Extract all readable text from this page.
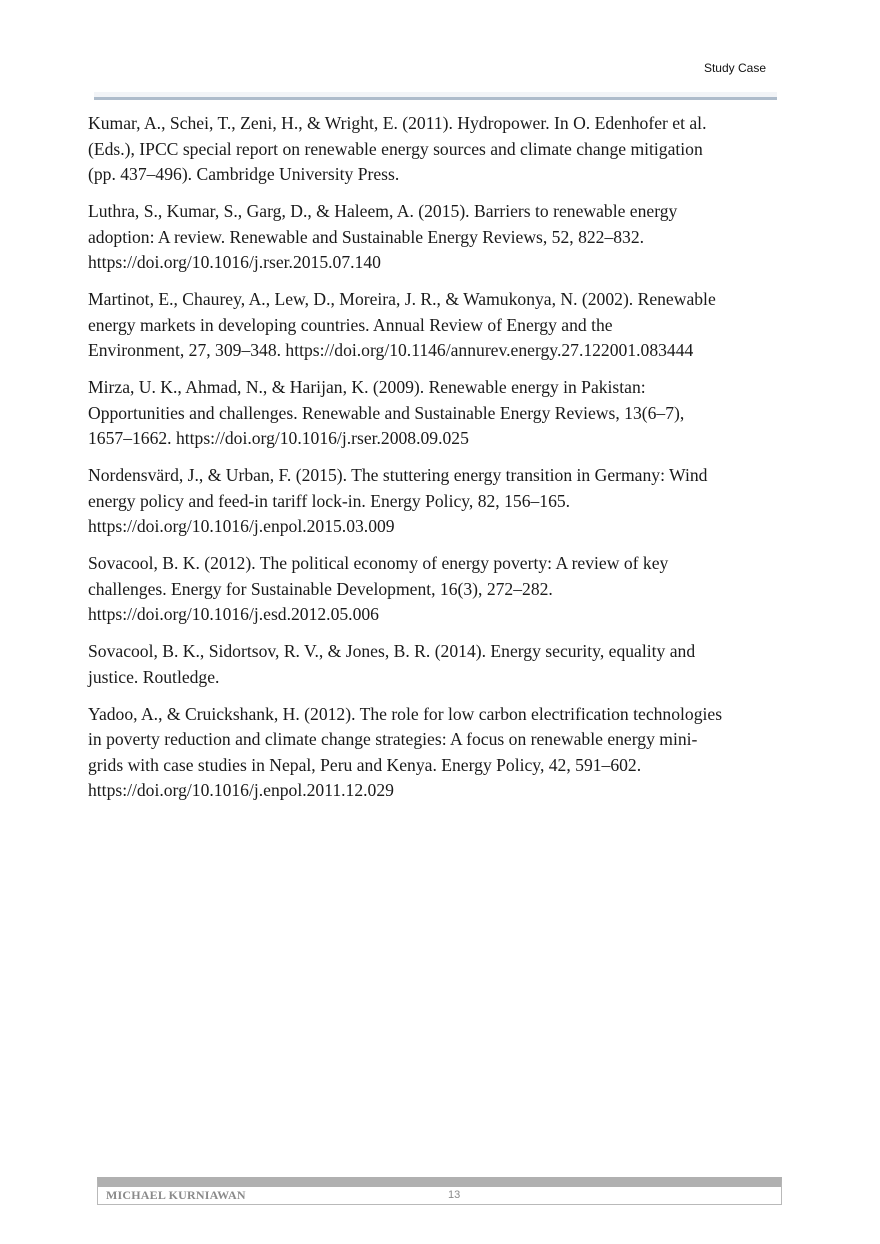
Study Case
Kumar, A., Schei, T., Zeni, H., & Wright, E. (2011). Hydropower. In O. Edenhofer et al.
(Eds.), IPCC special report on renewable energy sources and climate change mitigation
(pp. 437–496). Cambridge University Press.
Luthra, S., Kumar, S., Garg, D., & Haleem, A. (2015). Barriers to renewable energy
adoption: A review. Renewable and Sustainable Energy Reviews, 52, 822–832.
https://doi.org/10.1016/j.rser.2015.07.140
Martinot, E., Chaurey, A., Lew, D., Moreira, J. R., & Wamukonya, N. (2002). Renewable
energy markets in developing countries. Annual Review of Energy and the
Environment, 27, 309–348. https://doi.org/10.1146/annurev.energy.27.122001.083444
Mirza, U. K., Ahmad, N., & Harijan, K. (2009). Renewable energy in Pakistan:
Opportunities and challenges. Renewable and Sustainable Energy Reviews, 13(6–7),
1657–1662. https://doi.org/10.1016/j.rser.2008.09.025
Nordensvärd, J., & Urban, F. (2015). The stuttering energy transition in Germany: Wind
energy policy and feed-in tariff lock-in. Energy Policy, 82, 156–165.
https://doi.org/10.1016/j.enpol.2015.03.009
Sovacool, B. K. (2012). The political economy of energy poverty: A review of key
challenges. Energy for Sustainable Development, 16(3), 272–282.
https://doi.org/10.1016/j.esd.2012.05.006
Sovacool, B. K., Sidortsov, R. V., & Jones, B. R. (2014). Energy security, equality and
justice. Routledge.
Yadoo, A., & Cruickshank, H. (2012). The role for low carbon electrification technologies
in poverty reduction and climate change strategies: A focus on renewable energy mini-
grids with case studies in Nepal, Peru and Kenya. Energy Policy, 42, 591–602.
https://doi.org/10.1016/j.enpol.2011.12.029
MICHAEL KURNIAWAN	13
